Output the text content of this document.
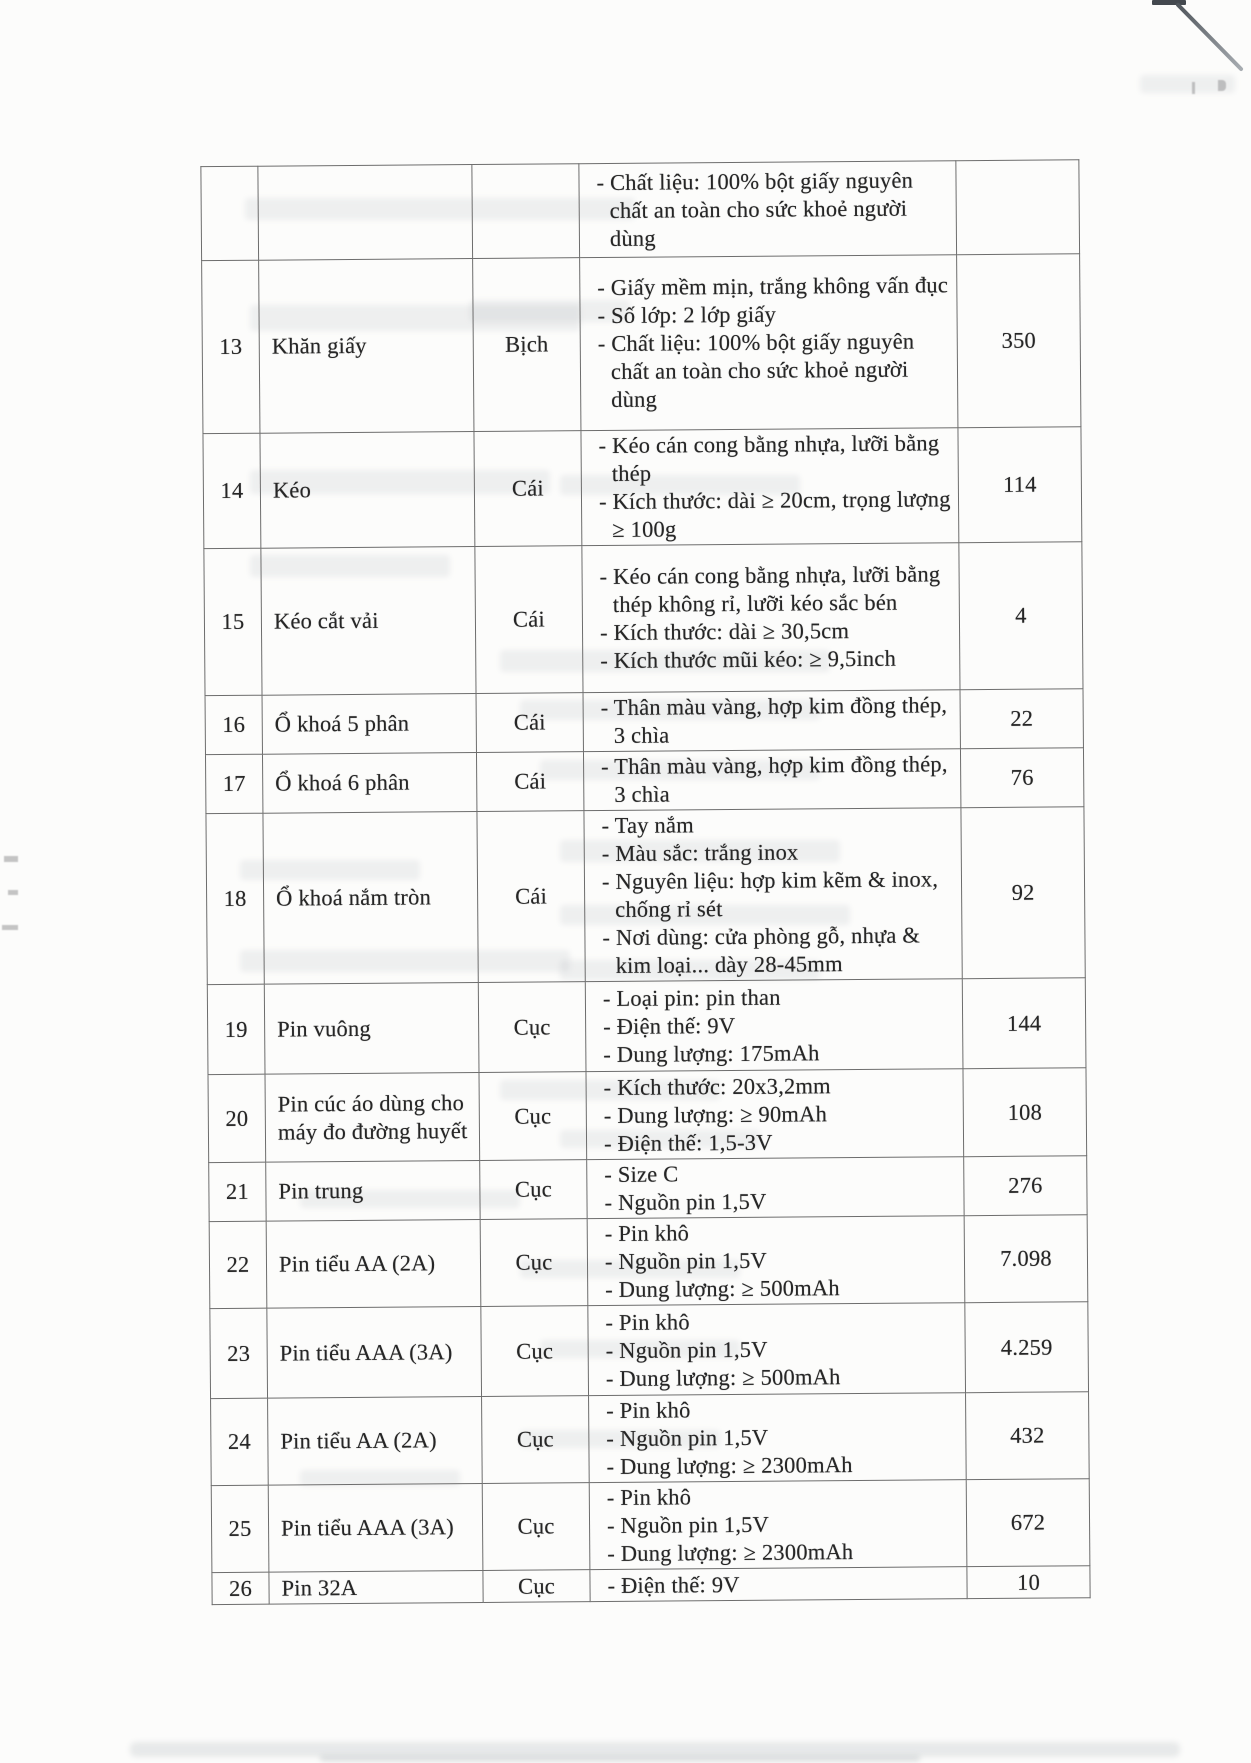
			- Chất liệu: 100% bột giấy nguyên chất an toàn cho sức khoẻ người dùng	

13	Khăn giấy	Bịch	- Giấy mềm mịn, trắng không vấn đục
- Số lớp: 2 lớp giấy
- Chất liệu: 100% bột giấy nguyên chất an toàn cho sức khoẻ người dùng	350
14	Kéo	Cái	- Kéo cán cong bằng nhựa, lưỡi bằng thép
- Kích thước: dài ≥ 20cm, trọng lượng ≥ 100g	114
15	Kéo cắt vải	Cái	- Kéo cán cong bằng nhựa, lưỡi bằng thép không rỉ, lưỡi kéo sắc bén
- Kích thước: dài ≥ 30,5cm
- Kích thước mũi kéo: ≥ 9,5inch	4
16	Ổ khoá 5 phân	Cái	- Thân màu vàng, hợp kim đồng thép, 3 chìa	22
17	Ổ khoá 6 phân	Cái	- Thân màu vàng, hợp kim đồng thép, 3 chìa	76
18	Ổ khoá nắm tròn	Cái	- Tay nắm
- Màu sắc: trắng inox
- Nguyên liệu: hợp kim kẽm & inox, chống rỉ sét
- Nơi dùng: cửa phòng gỗ, nhựa & kim loại... dày 28-45mm	92
19	Pin vuông	Cục	- Loại pin: pin than
- Điện thế: 9V
- Dung lượng: 175mAh	144
20	Pin cúc áo dùng cho máy đo đường huyết	Cục	- Kích thước: 20x3,2mm
- Dung lượng: ≥ 90mAh
- Điện thế: 1,5-3V	108
21	Pin trung	Cục	- Size C
- Nguồn pin 1,5V	276
22	Pin tiểu AA (2A)	Cục	- Pin khô
- Nguồn pin 1,5V
- Dung lượng: ≥ 500mAh	7.098
23	Pin tiểu AAA (3A)	Cục	- Pin khô
- Nguồn pin 1,5V
- Dung lượng: ≥ 500mAh	4.259
24	Pin tiểu AA (2A)	Cục	- Pin khô
- Nguồn pin 1,5V
- Dung lượng: ≥ 2300mAh	432
25	Pin tiểu AAA (3A)	Cục	- Pin khô
- Nguồn pin 1,5V
- Dung lượng: ≥ 2300mAh	672
26	Pin 32A	Cục	- Điện thế: 9V	10
